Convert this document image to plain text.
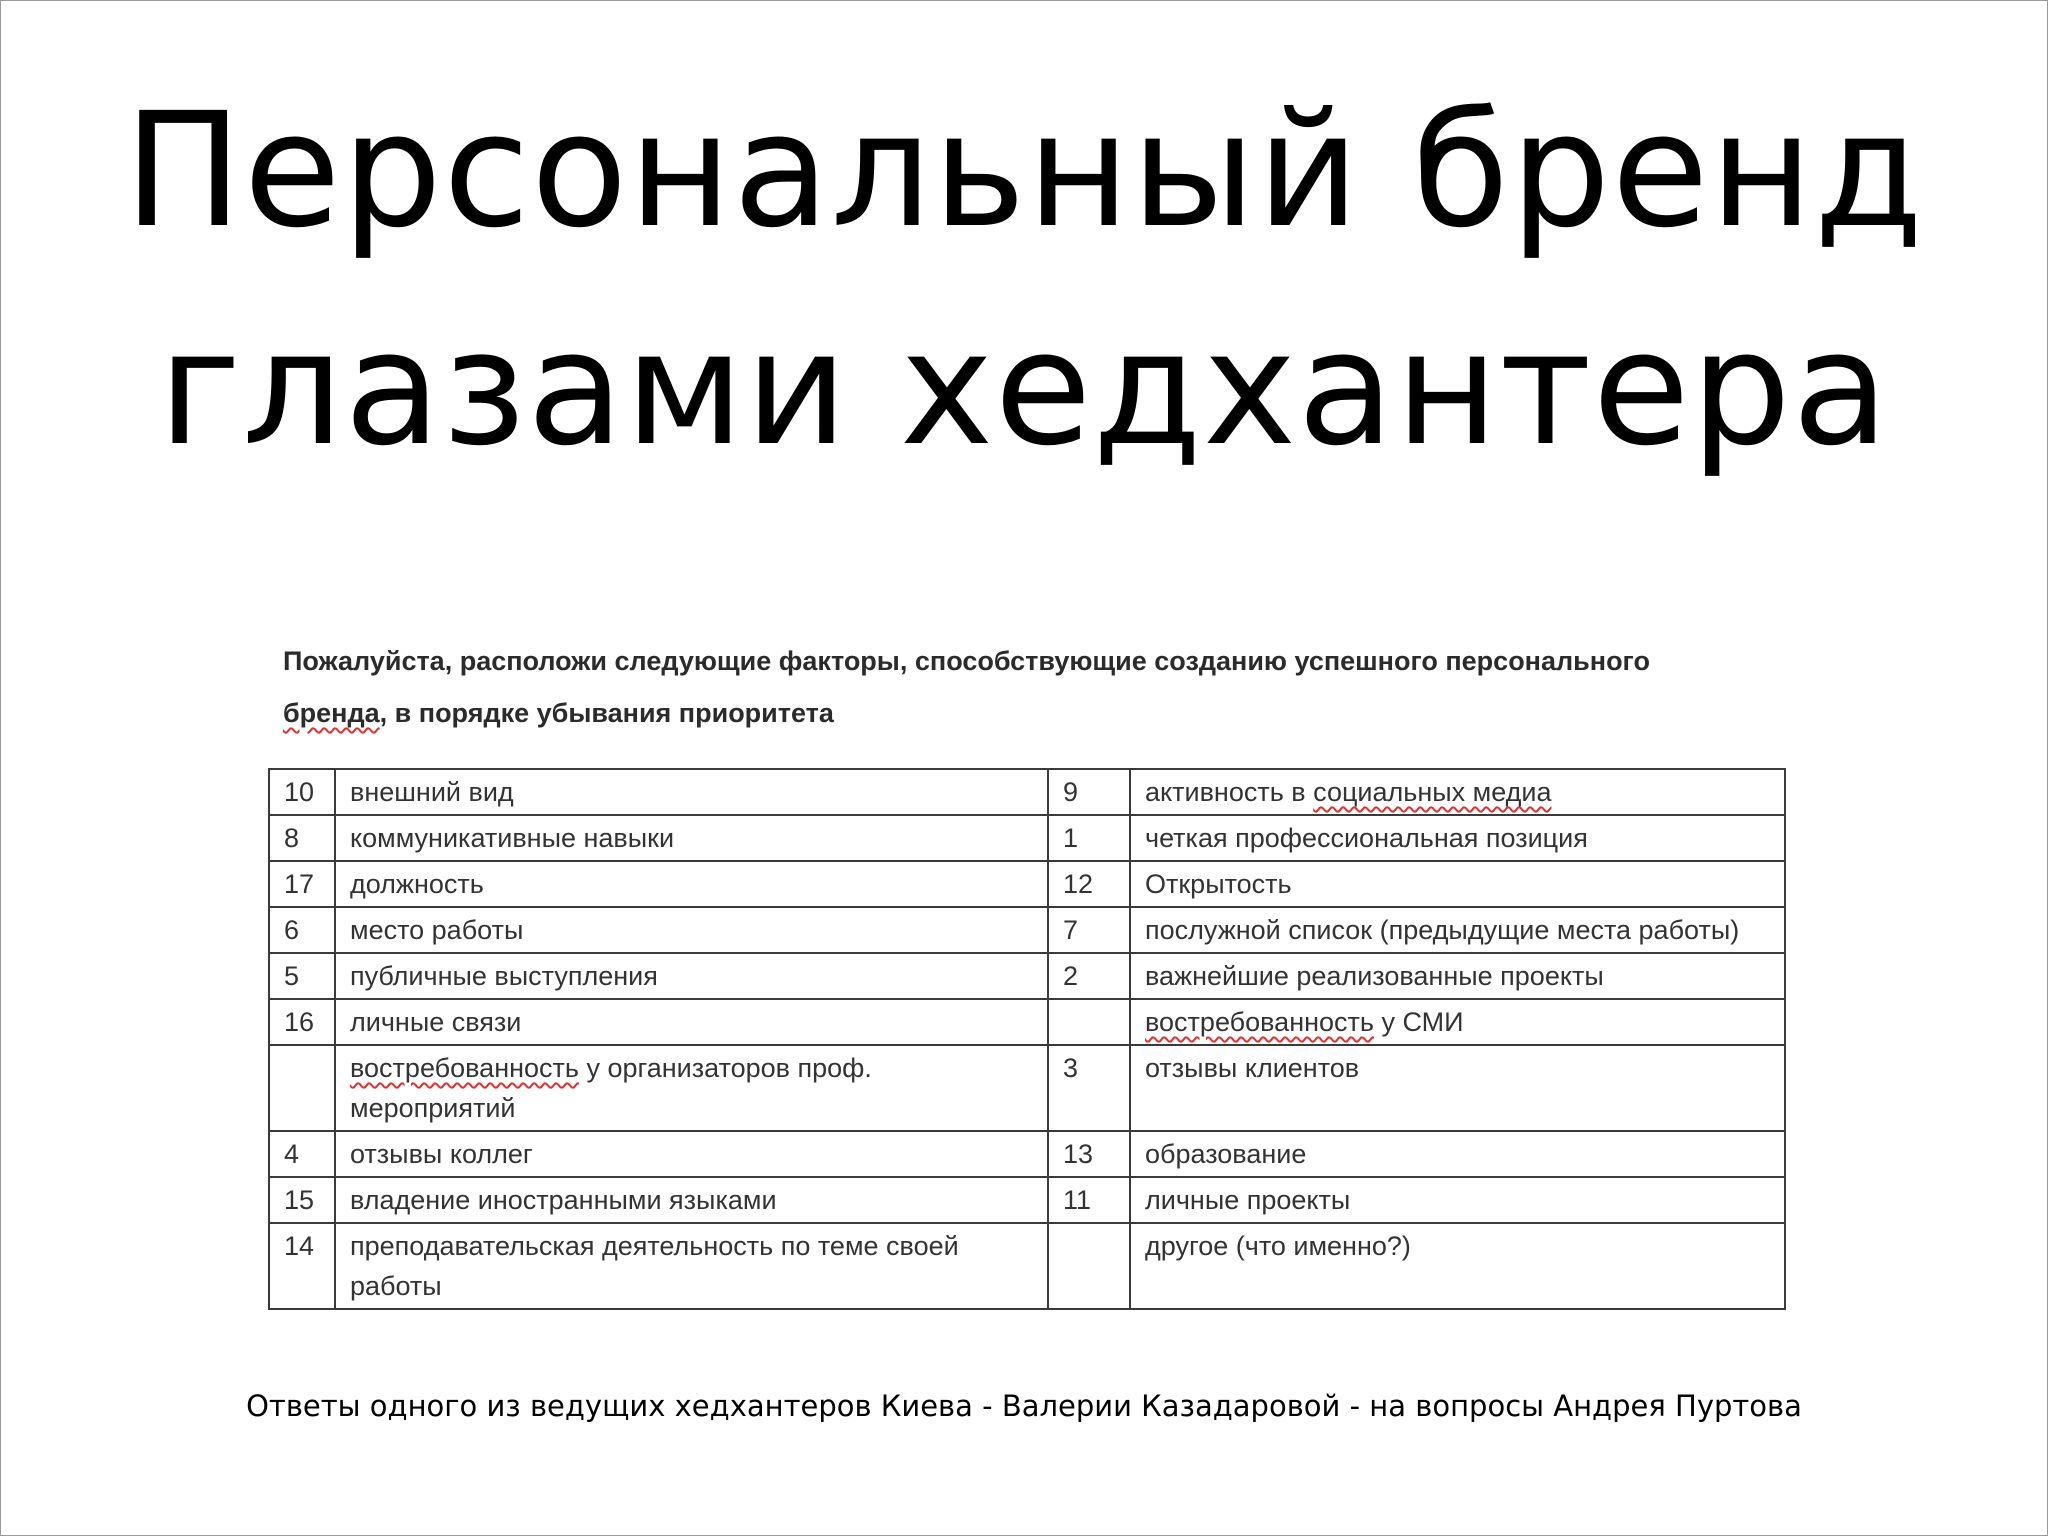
Персональный бренд
глазами хедхантера
Пожалуйста, расположи следующие факторы, способствующие созданию успешного персонального
бренда, в порядке убывания приоритета
10	внешний вид	9	активность в социальных медиа
8	коммуникативные навыки	1	четкая профессиональная позиция
17	должность	12	Открытость
6	место работы	7	послужной список (предыдущие места работы)
5	публичные выступления	2	важнейшие реализованные проекты
16	личные связи		востребованность у СМИ
	востребованность у организаторов проф. мероприятий	3	отзывы клиентов
4	отзывы коллег	13	образование
15	владение иностранными языками	11	личные проекты
14	преподавательская деятельность по теме своей работы		другое (что именно?)
Ответы одного из ведущих хедхантеров Киева - Валерии Казадаровой - на вопросы Андрея Пуртова
